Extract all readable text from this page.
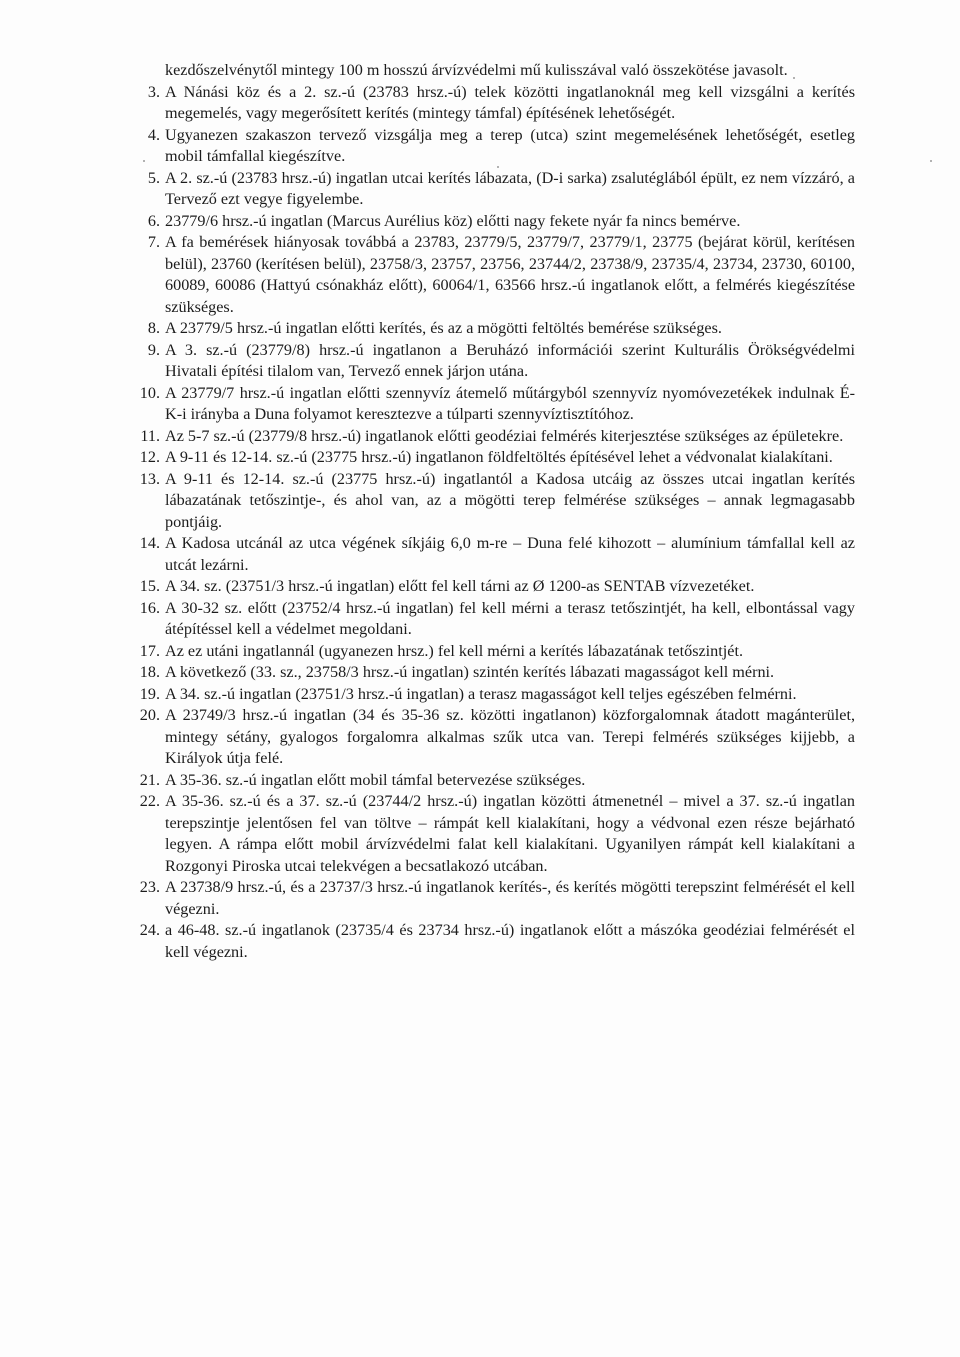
kezdőszelvénytől mintegy 100 m hosszú árvízvédelmi mű kulisszával való összekötése javasolt.

3. A Nánási köz és a 2. sz.-ú (23783 hrsz.-ú) telek közötti ingatlanoknál meg kell vizsgálni a kerítés megemelés, vagy megerősített kerítés (mintegy támfal) építésének lehetőségét.

4. Ugyanezen szakaszon tervező vizsgálja meg a terep (utca) szint megemelésének lehetőségét, esetleg mobil támfallal kiegészítve.

5. A 2. sz.-ú (23783 hrsz.-ú) ingatlan utcai kerítés lábazata, (D-i sarka) zsalutéglából épült, ez nem vízzáró, a Tervező ezt vegye figyelembe.

6. 23779/6 hrsz.-ú ingatlan (Marcus Aurélius köz) előtti nagy fekete nyár fa nincs bemérve.

7. A fa bemérések hiányosak továbbá a 23783, 23779/5, 23779/7, 23779/1, 23775 (bejárat körül, kerítésen belül), 23760 (kerítésen belül), 23758/3, 23757, 23756, 23744/2, 23738/9, 23735/4, 23734, 23730, 60100, 60089, 60086 (Hattyú csónakház előtt), 60064/1, 63566 hrsz.-ú ingatlanok előtt, a felmérés kiegészítése szükséges.

8. A 23779/5 hrsz.-ú ingatlan előtti kerítés, és az a mögötti feltöltés bemérése szükséges.

9. A 3. sz.-ú (23779/8) hrsz.-ú ingatlanon a Beruházó információi szerint Kulturális Örökségvédelmi Hivatali építési tilalom van, Tervező ennek járjon utána.

10. A 23779/7 hrsz.-ú ingatlan előtti szennyvíz átemelő műtárgyból szennyvíz nyomóvezetékek indulnak É-K-i irányba a Duna folyamot keresztezve a túlparti szennyvíztisztítóhoz.

11. Az 5-7 sz.-ú (23779/8 hrsz.-ú) ingatlanok előtti geodéziai felmérés kiterjesztése szükséges az épületekre.

12. A 9-11 és 12-14. sz.-ú (23775 hrsz.-ú) ingatlanon földfeltöltés építésével lehet a védvonalat kialakítani.

13. A 9-11 és 12-14. sz.-ú (23775 hrsz.-ú) ingatlantól a Kadosa utcáig az összes utcai ingatlan kerítés lábazatának tetőszintje-, és ahol van, az a mögötti terep felmérése szükséges – annak legmagasabb pontjáig.

14. A Kadosa utcánál az utca végének síkjáig 6,0 m-re – Duna felé kihozott – alumínium támfallal kell az utcát lezárni.

15. A 34. sz. (23751/3 hrsz.-ú ingatlan) előtt fel kell tárni az Ø 1200-as SENTAB vízvezetéket.

16. A 30-32 sz. előtt (23752/4 hrsz.-ú ingatlan) fel kell mérni a terasz tetőszintjét, ha kell, elbontással vagy átépítéssel kell a védelmet megoldani.

17. Az ez utáni ingatlannál (ugyanezen hrsz.) fel kell mérni a kerítés lábazatának tetőszintjét.

18. A következő (33. sz., 23758/3 hrsz.-ú ingatlan) szintén kerítés lábazati magasságot kell mérni.

19. A 34. sz.-ú ingatlan (23751/3 hrsz.-ú ingatlan) a terasz magasságot kell teljes egészében felmérni.

20. A 23749/3 hrsz.-ú ingatlan (34 és 35-36 sz. közötti ingatlanon) közforgalomnak átadott magánterület, mintegy sétány, gyalogos forgalomra alkalmas szűk utca van. Terepi felmérés szükséges kijjebb, a Királyok útja felé.

21. A 35-36. sz.-ú ingatlan előtt mobil támfal betervezése szükséges.

22. A 35-36. sz.-ú és a 37. sz.-ú (23744/2 hrsz.-ú) ingatlan közötti átmenetnél – mivel a 37. sz.-ú ingatlan terepszintje jelentősen fel van töltve – rámpát kell kialakítani, hogy a védvonal ezen része bejárható legyen. A rámpa előtt mobil árvízvédelmi falat kell kialakítani. Ugyanilyen rámpát kell kialakítani a Rozgonyi Piroska utcai telekvégen a becsatlakozó utcában.

23. A 23738/9 hrsz.-ú, és a 23737/3 hrsz.-ú ingatlanok kerítés-, és kerítés mögötti terepszint felmérését el kell végezni.

24. a 46-48. sz.-ú ingatlanok (23735/4 és 23734 hrsz.-ú) ingatlanok előtt a mászóka geodéziai felmérését el kell végezni.
